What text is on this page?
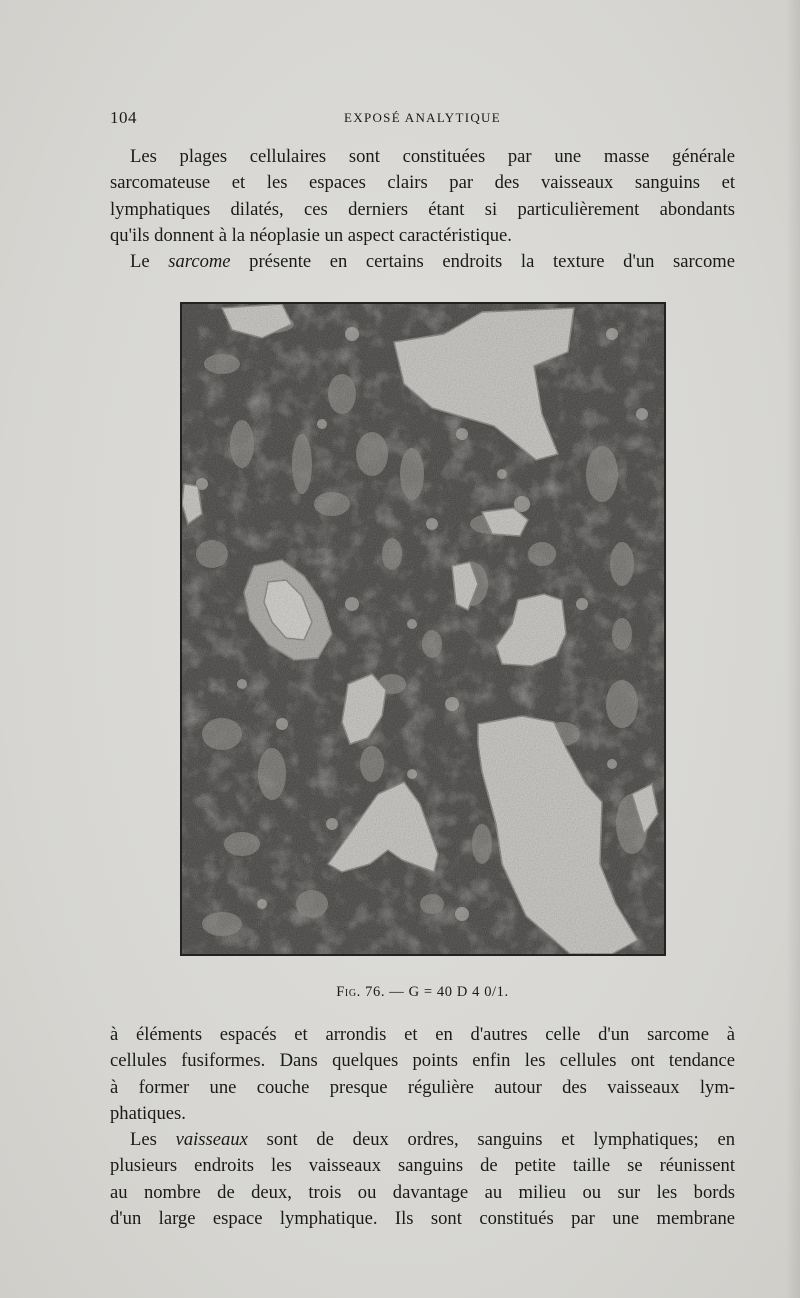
104	EXPOSÉ ANALYTIQUE

Les plages cellulaires sont constituées par une masse générale
sarcomateuse et les espaces clairs par des vaisseaux sanguins et
lymphatiques dilatés, ces derniers étant si particulièrement abondants
qu'ils donnent à la néoplasie un aspect caractéristique.

Le sarcome présente en certains endroits la texture d'un sarcome

Fig. 76. — G = 40 D 4 0/1.

à éléments espacés et arrondis et en d'autres celle d'un sarcome à
cellules fusiformes. Dans quelques points enfin les cellules ont tendance
à former une couche presque régulière autour des vaisseaux lym-
phatiques.

Les vaisseaux sont de deux ordres, sanguins et lymphatiques; en
plusieurs endroits les vaisseaux sanguins de petite taille se réunissent
au nombre de deux, trois ou davantage au milieu ou sur les bords
d'un large espace lymphatique. Ils sont constitués par une membrane
